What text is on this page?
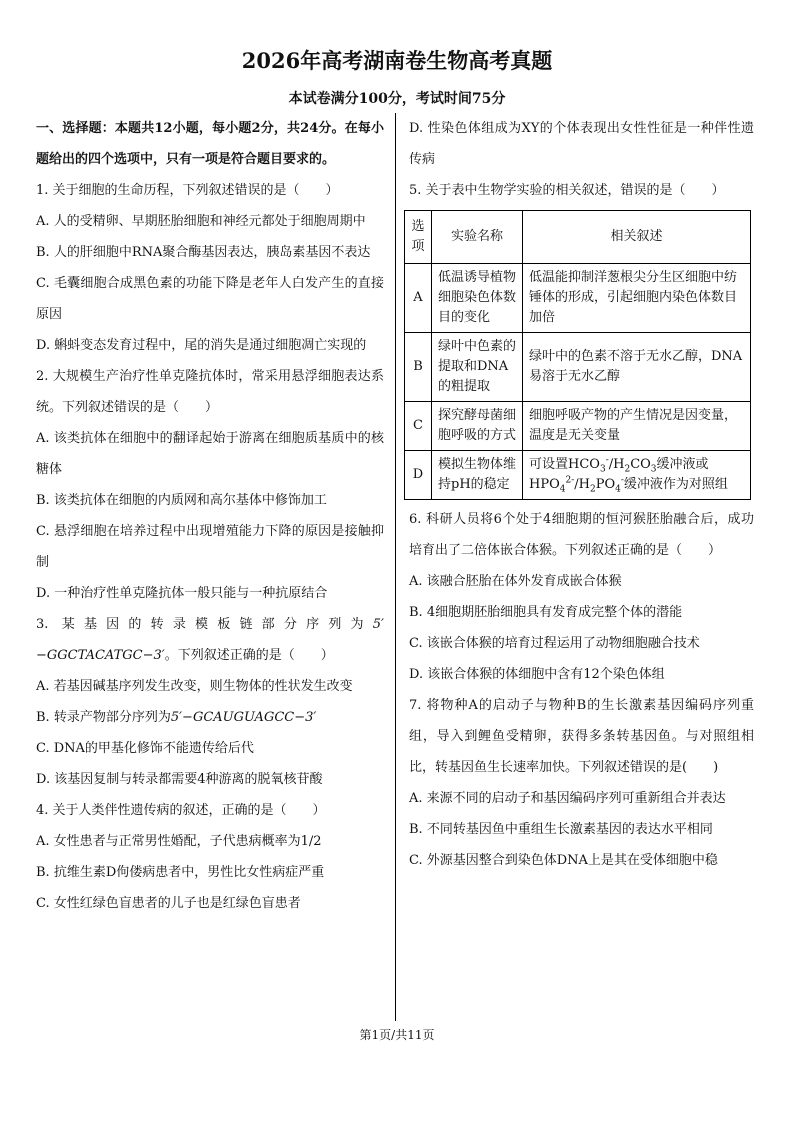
2026年高考湖南卷生物高考真题
本试卷满分100分，考试时间75分

一、选择题：本题共12小题，每小题2分，共24分。在每小题给出的四个选项中，只有一项是符合题目要求的。

1. 关于细胞的生命历程，下列叙述错误的是（　　）

A. 人的受精卵、早期胚胎细胞和神经元都处于细胞周期中

B. 人的肝细胞中RNA聚合酶基因表达，胰岛素基因不表达

C. 毛囊细胞合成黑色素的功能下降是老年人白发产生的直接原因

D. 蝌蚪变态发育过程中，尾的消失是通过细胞凋亡实现的

2. 大规模生产治疗性单克隆抗体时，常采用悬浮细胞表达系统。下列叙述错误的是（　　）

A. 该类抗体在细胞中的翻译起始于游离在细胞质基质中的核糖体

B. 该类抗体在细胞的内质网和高尔基体中修饰加工

C. 悬浮细胞在培养过程中出现增殖能力下降的原因是接触抑制

D. 一种治疗性单克隆抗体一般只能与一种抗原结合

3. 某基因的转录模板链部分序列为5′−GGCTACATGC−3′。下列叙述正确的是（　　）

A. 若基因碱基序列发生改变，则生物体的性状发生改变

B. 转录产物部分序列为5′−GCAUGUAGCC−3′

C. DNA的甲基化修饰不能遗传给后代

D. 该基因复制与转录都需要4种游离的脱氧核苷酸

4. 关于人类伴性遗传病的叙述，正确的是（　　）

A. 女性患者与正常男性婚配，子代患病概率为1/2

B. 抗维生素D佝偻病患者中，男性比女性病症严重

C. 女性红绿色盲患者的儿子也是红绿色盲患者

D. 性染色体组成为XY的个体表现出女性性征是一种伴性遗传病

5. 关于表中生物学实验的相关叙述，错误的是（　　）

选项	实验名称	相关叙述
A	低温诱导植物细胞染色体数目的变化	低温能抑制洋葱根尖分生区细胞中纺锤体的形成，引起细胞内染色体数目加倍
B	绿叶中色素的提取和DNA的粗提取	绿叶中的色素不溶于无水乙醇，DNA易溶于无水乙醇
C	探究酵母菌细胞呼吸的方式	细胞呼吸产物的产生情况是因变量，温度是无关变量
D	模拟生物体维持pH的稳定	可设置$HCO_3^-/H_2CO_3$缓冲液或$HPO_4^{2-}/H_2PO_4^-$缓冲液作为对照组

6. 科研人员将6个处于4细胞期的恒河猴胚胎融合后，成功培育出了二倍体嵌合体猴。下列叙述正确的是（　　）

A. 该融合胚胎在体外发育成嵌合体猴

B. 4细胞期胚胎细胞具有发育成完整个体的潜能

C. 该嵌合体猴的培育过程运用了动物细胞融合技术

D. 该嵌合体猴的体细胞中含有12个染色体组

7. 将物种A的启动子与物种B的生长激素基因编码序列重组，导入到鲤鱼受精卵，获得多条转基因鱼。与对照组相比，转基因鱼生长速率加快。下列叙述错误的是(　　)

A. 来源不同的启动子和基因编码序列可重新组合并表达

B. 不同转基因鱼中重组生长激素基因的表达水平相同

C. 外源基因整合到染色体DNA上是其在受体细胞中稳

第1页/共11页
